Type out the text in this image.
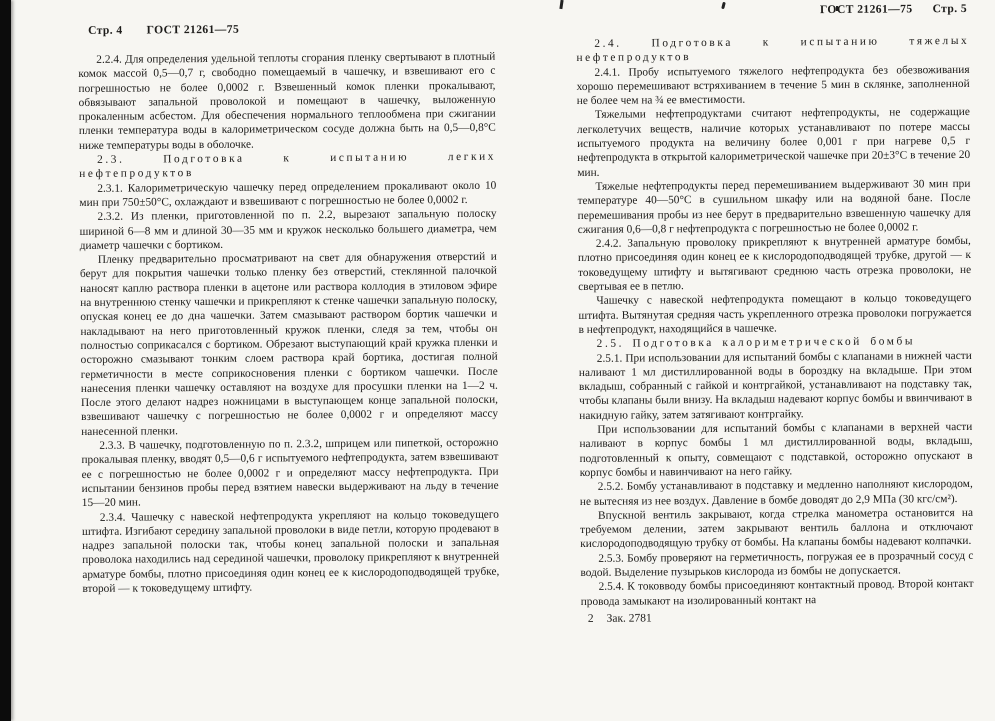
Стр. 4 ГОСТ 21261—75

2.2.4. Для определения удельной теплоты сгорания пленку свертывают в плотный комок массой 0,5—0,7 г, свободно помещаемый в чашечку, и взвешивают его с погрешностью не более 0,0002 г. Взвешенный комок пленки прокалывают, обвязывают запальной проволокой и помещают в чашечку, выложенную прокаленным асбестом. Для обеспечения нормального теплообмена при сжигании пленки температура воды в калориметрическом сосуде должна быть на 0,5—0,8°С ниже температуры воды в оболочке.

2.3. Подготовка к испытанию легких нефтепродуктов

2.3.1. Калориметрическую чашечку перед определением прокаливают около 10 мин при 750±50°С, охлаждают и взвешивают с погрешностью не более 0,0002 г.

2.3.2. Из пленки, приготовленной по п. 2.2, вырезают запальную полоску шириной 6—8 мм и длиной 30—35 мм и кружок несколько большего диаметра, чем диаметр чашечки с бортиком.

Пленку предварительно просматривают на свет для обнаружения отверстий и берут для покрытия чашечки только пленку без отверстий, стеклянной палочкой наносят каплю раствора пленки в ацетоне или раствора коллодия в этиловом эфире на внутреннюю стенку чашечки и прикрепляют к стенке чашечки запальную полоску, опуская конец ее до дна чашечки. Затем смазывают раствором бортик чашечки и накладывают на него приготовленный кружок пленки, следя за тем, чтобы он полностью соприкасался с бортиком. Обрезают выступающий край кружка пленки и осторожно смазывают тонким слоем раствора край бортика, достигая полной герметичности в месте соприкосновения пленки с бортиком чашечки. После нанесения пленки чашечку оставляют на воздухе для просушки пленки на 1—2 ч. После этого делают надрез ножницами в выступающем конце запальной полоски, взвешивают чашечку с погрешностью не более 0,0002 г и определяют массу нанесенной пленки.

2.3.3. В чашечку, подготовленную по п. 2.3.2, шприцем или пипеткой, осторожно прокалывая пленку, вводят 0,5—0,6 г испытуемого нефтепродукта, затем взвешивают ее с погрешностью не более 0,0002 г и определяют массу нефтепродукта. При испытании бензинов пробы перед взятием навески выдерживают на льду в течение 15—20 мин.

2.3.4. Чашечку с навеской нефтепродукта укрепляют на кольцо токоведущего штифта. Изгибают середину запальной проволоки в виде петли, которую продевают в надрез запальной полоски так, чтобы конец запальной полоски и запальная проволока находились над серединой чашечки, проволоку прикрепляют к внутренней арматуре бомбы, плотно присоединяя один конец ее к кислородоподводящей трубке, второй — к токоведущему штифту.

ГОСТ 21261—75 Стр. 5

2.4. Подготовка к испытанию тяжелых нефтепродуктов

2.4.1. Пробу испытуемого тяжелого нефтепродукта без обезвоживания хорошо перемешивают встряхиванием в течение 5 мин в склянке, заполненной не более чем на ¾ ее вместимости.

Тяжелыми нефтепродуктами считают нефтепродукты, не содержащие легколетучих веществ, наличие которых устанавливают по потере массы испытуемого продукта на величину более 0,001 г при нагреве 0,5 г нефтепродукта в открытой калориметрической чашечке при 20±3°С в течение 20 мин.

Тяжелые нефтепродукты перед перемешиванием выдерживают 30 мин при температуре 40—50°С в сушильном шкафу или на водяной бане. После перемешивания пробы из нее берут в предварительно взвешенную чашечку для сжигания 0,6—0,8 г нефтепродукта с погрешностью не более 0,0002 г.

2.4.2. Запальную проволоку прикрепляют к внутренней арматуре бомбы, плотно присоединяя один конец ее к кислородоподводящей трубке, другой — к токоведущему штифту и вытягивают среднюю часть отрезка проволоки, не свертывая ее в петлю.

Чашечку с навеской нефтепродукта помещают в кольцо токоведущего штифта. Вытянутая средняя часть укрепленного отрезка проволоки погружается в нефтепродукт, находящийся в чашечке.

2.5. Подготовка калориметрической бомбы

2.5.1. При использовании для испытаний бомбы с клапанами в нижней части наливают 1 мл дистиллированной воды в бороздку на вкладыше. При этом вкладыш, собранный с гайкой и контргайкой, устанавливают на подставку так, чтобы клапаны были внизу. На вкладыш надевают корпус бомбы и ввинчивают в накидную гайку, затем затягивают контргайку.

При использовании для испытаний бомбы с клапанами в верхней части наливают в корпус бомбы 1 мл дистиллированной воды, вкладыш, подготовленный к опыту, совмещают с подставкой, осторожно опускают в корпус бомбы и навинчивают на него гайку.

2.5.2. Бомбу устанавливают в подставку и медленно наполняют кислородом, не вытесняя из нее воздух. Давление в бомбе доводят до 2,9 МПа (30 кгс/см²).

Впускной вентиль закрывают, когда стрелка манометра остановится на требуемом делении, затем закрывают вентиль баллона и отключают кислородоподводящую трубку от бомбы. На клапаны бомбы надевают колпачки.

2.5.3. Бомбу проверяют на герметичность, погружая ее в прозрачный сосуд с водой. Выделение пузырьков кислорода из бомбы не допускается.

2.5.4. К токовводу бомбы присоединяют контактный провод. Второй контакт провода замыкают на изолированный контакт на

2 Зак. 2781
